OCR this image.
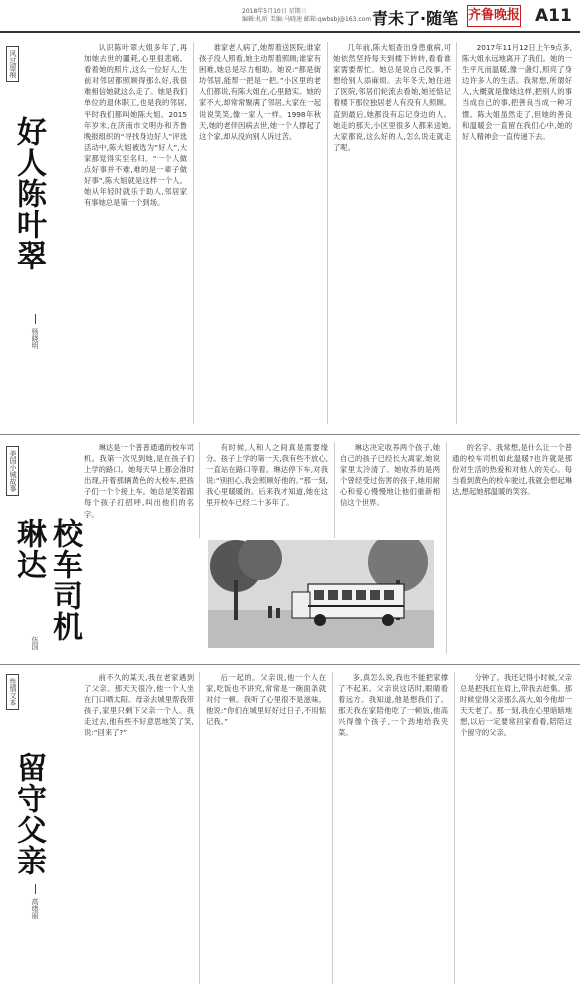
2018年5月10日 星期三
编辑:札昕 美编:马晓速 邮箱:qwbsbj@163.com 青未了·随笔 齐鲁晚报 A11
风过留痕
好人陈叶翠
杨晓明

认识陈叶翠大姐多年了,再加她去世的噩耗,心里很悲痛。看着她的照片,这么一位好人,生前对邻居都照顾得那么好,我很难相信她就这么走了。她是我们单位的退休职工,也是我的邻居,平时我们都叫她陈大姐。2015年岁末,在济南市文明办和齐鲁晚报组织的“寻找身边好人”评选活动中,陈大姐被选为“好人”,大家都觉得实至名归。“一个人做点好事并不难,难的是一辈子做好事”,陈大姐就是这样一个人。她从年轻时就乐于助人,邻居家有事她总是第一个到场。

谁家老人病了,她帮着送医院;谁家孩子没人照看,她主动帮着照顾;谁家有困难,她总是尽力相助。她说:“都是街坊邻居,能帮一把是一把。”小区里的老人们都说,有陈大姐在,心里踏实。她的家不大,却常常聚满了邻居,大家在一起说说笑笑,像一家人一样。1998年秋天,她的老伴因病去世,她一个人撑起了这个家,却从没向别人诉过苦。

几年前,陈大姐查出身患重病,可她依然坚持每天到楼下转转,看看谁家需要帮忙。她总是说自己没事,不想给别人添麻烦。去年冬天,她住进了医院,邻居们轮流去看她,她还惦记着楼下那位独居老人有没有人照顾。直到最后,她都没有忘记身边的人。她走的那天,小区里很多人都来送她,大家都说,这么好的人,怎么说走就走了呢。

2017年11月12日上午9点多,陈大姐永远地离开了我们。她的一生平凡而温暖,像一盏灯,照亮了身边许多人的生活。我常想,所谓好人,大概就是像她这样,把别人的事当成自己的事,把善良当成一种习惯。陈大姐虽然走了,但她的善良和温暖会一直留在我们心中,她的好人精神会一直传递下去。

美国小城故事
校车司机琳达
伍国

琳达是一个普普通通的校车司机。我第一次见到她,是在孩子们上学的路口。她每天早上都会准时出现,开着那辆黄色的大校车,把孩子们一个个接上车。她总是笑着跟每个孩子打招呼,叫出他们的名字。

有时候,人和人之间真是需要缘分。孩子上学的第一天,我有些不放心,一直站在路口等着。琳达停下车,对我说:“别担心,我会照顾好他的。”那一刻,我心里暖暖的。后来我才知道,她在这里开校车已经二十多年了。

琳达决定收养两个孩子,她自己的孩子已经长大离家,她说家里太冷清了。她收养的是两个曾经受过伤害的孩子,她用耐心和爱心慢慢地让他们重新相信这个世界。

的名字。我常想,是什么让一个普通的校车司机如此温暖?也许就是那份对生活的热爱和对他人的关心。每当看到黄色的校车驶过,我就会想起琳达,想起她那温暖的笑容。

性情文本
留守父亲
高绪丽

前不久的某天,我在老家遇到了父亲。那天天很冷,他一个人坐在门口晒太阳。母亲去城里帮我带孩子,家里只剩下父亲一个人。我走过去,他有些不好意思地笑了笑,说:“回来了?”

后一起的。父亲说,他一个人在家,吃饭也不讲究,常常是一碗面条就对付一顿。我听了心里很不是滋味。他说:“你们在城里好好过日子,不用惦记我。”

多,真怎么说,我也不能把家撑了不起来。父亲说这话时,眼睛看着远方。我知道,他是想我们了。那天我在家陪他吃了一顿饭,他高兴得像个孩子,一个劲地给我夹菜。

分钟了。我还记得小时候,父亲总是把我扛在肩上,带我去赶集。那时候觉得父亲那么高大,如今他却一天天老了。那一刻,我在心里暗暗地想,以后一定要常回家看看,陪陪这个留守的父亲。
